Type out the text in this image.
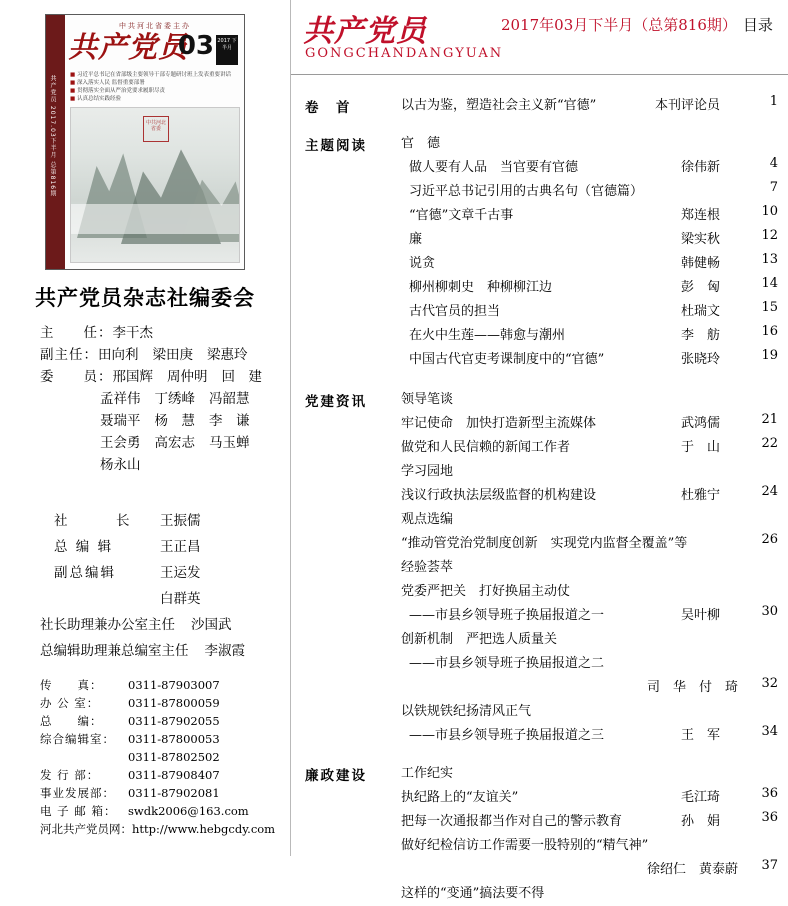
共产党员 2017.03下半月 总第816期
中共河北省委主办
共产党员
03 2017 下半月
■ 习近平总书记在省部级主要领导干部专题研讨班上发表重要讲话
■ 深入落实人民 监督重要部署
■ 贯彻落实全面从严治党要求履职尽责
■ 认真总结实践经验
中共河北省委
共产党员杂志社编委会
主　　任：李干杰
副主任：田向利 梁田庚 梁惠玲
委　　员：邢国辉 周仲明 回　建
孟祥伟 丁绣峰 冯韶慧
聂瑞平 杨　慧 李　谦
王会勇 高宏志 马玉蝉
杨永山
社　　　长 王振儒
总 编 辑	王正昌
副总编辑	王运发
白群英
社长助理兼办公室主任 沙国武
总编辑助理兼总编室主任 李淑霞
传　　真： 0311-87903007
办 公 室： 0311-87800059
总　　编： 0311-87902055
综合编辑室： 0311-87800053
0311-87802502
发 行 部： 0311-87908407
事业发展部： 0311-87902081
电 子 邮 箱： swdk2006@163.com
河北共产党员网：http://www.hebgcdy.com
共产党员	2017年03月下半月（总第816期） 目录
GONGCHANDANGYUAN
卷　首	以古为鉴，塑造社会主义新“官德”	本刊评论员	1
主题阅读	官　德
做人要有人品　当官要有官德	徐伟新	4
习近平总书记引用的古典名句（官德篇）	7
“官德”文章千古事	郑连根	10
廉	梁实秋	12
说贪	韩健畅	13
柳州柳刺史　种柳柳江边	彭　匈	14
古代官员的担当	杜瑞文	15
在火中生莲——韩愈与潮州	李　舫	16
中国古代官吏考课制度中的“官德”	张晓玲	19
党建资讯	领导笔谈
牢记使命　加快打造新型主流媒体	武鸿儒	21
做党和人民信赖的新闻工作者	于　山	22
学习园地
浅议行政执法层级监督的机构建设	杜雅宁	24
观点选编
“推动管党治党制度创新　实现党内监督全覆盖”等	26
经验荟萃
党委严把关　打好换届主动仗
——市县乡领导班子换届报道之一	吴叶柳	30
创新机制　严把选人质量关
——市县乡领导班子换届报道之二
司　华　付　琦	32
以铁规铁纪扬清风正气
——市县乡领导班子换届报道之三	王　军	34
廉政建设	工作纪实
执纪路上的“友谊关”	毛江琦	36
把每一次通报都当作对自己的警示教育	孙　娟	36
做好纪检信访工作需要一股特别的“精气神”
徐绍仁　黄泰蔚	37
这样的“变通”搞法要不得
